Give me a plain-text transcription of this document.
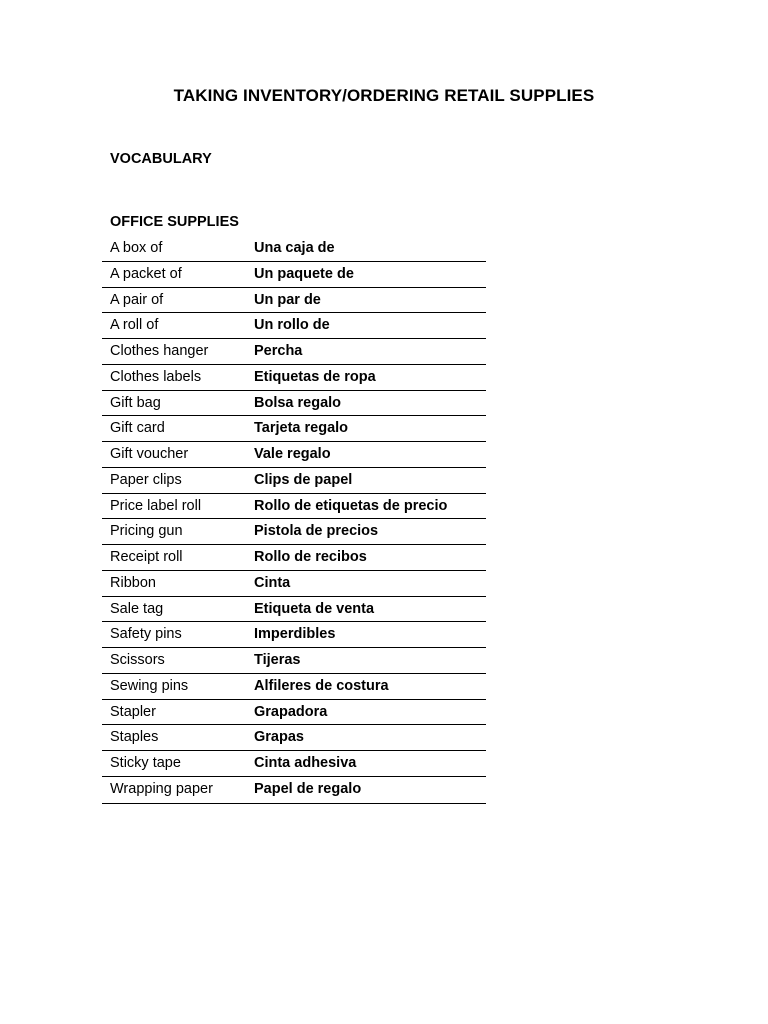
TAKING INVENTORY/ORDERING RETAIL SUPPLIES
VOCABULARY
OFFICE SUPPLIES
A box of	Una caja de
A packet of	Un paquete de
A pair of	Un par de
A roll of	Un rollo de
Clothes hanger	Percha
Clothes labels	Etiquetas de ropa
Gift bag	Bolsa regalo
Gift card	Tarjeta regalo
Gift voucher	Vale regalo
Paper clips	Clips de papel
Price label roll	Rollo de etiquetas de precio
Pricing gun	Pistola de precios
Receipt roll	Rollo de recibos
Ribbon	Cinta
Sale tag	Etiqueta de venta
Safety pins	Imperdibles
Scissors	Tijeras
Sewing pins	Alfileres de costura
Stapler	Grapadora
Staples	Grapas
Sticky tape	Cinta adhesiva
Wrapping paper	Papel de regalo
